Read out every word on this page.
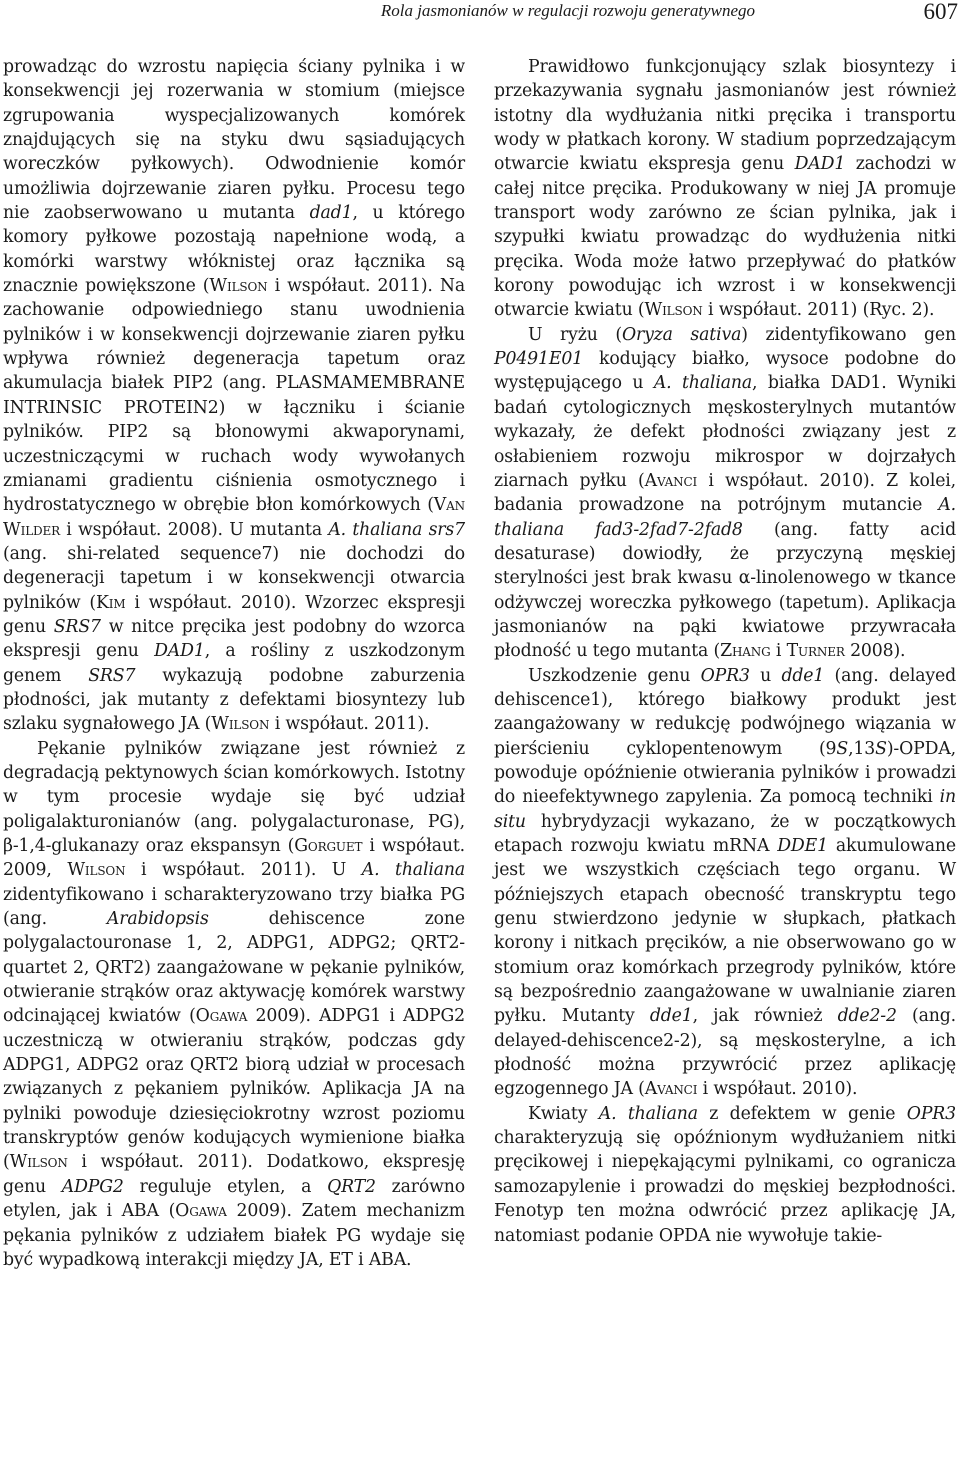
Rola jasmonianów w regulacji rozwoju generatywnego	607

prowadząc do wzrostu napięcia ściany pylnika i w konsekwencji jej rozerwania w stomium (miejsce zgrupowania wyspecjalizowanych komórek znajdujących się na styku dwu sąsiadujących woreczków pyłkowych). Odwodnienie komór umożliwia dojrzewanie ziaren pyłku. Procesu tego nie zaobserwowano u mutanta dad1, u którego komory pyłkowe pozostają napełnione wodą, a komórki warstwy włóknistej oraz łącznika są znacznie powiększone (Wilson i współaut. 2011). Na zachowanie odpowiedniego stanu uwodnienia pylników i w konsekwencji dojrzewanie ziaren pyłku wpływa również degeneracja tapetum oraz akumulacja białek PIP2 (ang. PLASMAMEMBRANE INTRINSIC PROTEIN2) w łączniku i ścianie pylników. PIP2 są błonowymi akwaporynami, uczestniczącymi w ruchach wody wywołanych zmianami gradientu ciśnienia osmotycznego i hydrostatycznego w obrębie błon komórkowych (Van Wilder i współaut. 2008). U mutanta A. thaliana srs7 (ang. shi-related sequence7) nie dochodzi do degeneracji tapetum i w konsekwencji otwarcia pylników (Kim i współaut. 2010). Wzorzec ekspresji genu SRS7 w nitce pręcika jest podobny do wzorca ekspresji genu DAD1, a rośliny z uszkodzonym genem SRS7 wykazują podobne zaburzenia płodności, jak mutanty z defektami biosyntezy lub szlaku sygnałowego JA (Wilson i współaut. 2011).

Pękanie pylników związane jest również z degradacją pektynowych ścian komórkowych. Istotny w tym procesie wydaje się być udział poligalakturonianów (ang. polygalacturonase, PG), β-1,4-glukanazy oraz ekspansyn (Gorguet i współaut. 2009, Wilson i współaut. 2011). U A. thaliana zidentyfikowano i scharakteryzowano trzy białka PG (ang. Arabidopsis dehiscence zone polygalactouronase 1, 2, ADPG1, ADPG2; QRT2-quartet 2, QRT2) zaangażowane w pękanie pylników, otwieranie strąków oraz aktywację komórek warstwy odcinającej kwiatów (Ogawa 2009). ADPG1 i ADPG2 uczestniczą w otwieraniu strąków, podczas gdy ADPG1, ADPG2 oraz QRT2 biorą udział w procesach związanych z pękaniem pylników. Aplikacja JA na pylniki powoduje dziesięciokrotny wzrost poziomu transkryptów genów kodujących wymienione białka (Wilson i współaut. 2011). Dodatkowo, ekspresję genu ADPG2 reguluje etylen, a QRT2 zarówno etylen, jak i ABA (Ogawa 2009). Zatem mechanizm pękania pylników z udziałem białek PG wydaje się być wypadkową interakcji między JA, ET i ABA.

Prawidłowo funkcjonujący szlak biosyntezy i przekazywania sygnału jasmonianów jest również istotny dla wydłużania nitki pręcika i transportu wody w płatkach korony. W stadium poprzedzającym otwarcie kwiatu ekspresja genu DAD1 zachodzi w całej nitce pręcika. Produkowany w niej JA promuje transport wody zarówno ze ścian pylnika, jak i szypułki kwiatu prowadząc do wydłużenia nitki pręcika. Woda może łatwo przepływać do płatków korony powodując ich wzrost i w konsekwencji otwarcie kwiatu (Wilson i współaut. 2011) (Ryc. 2).

U ryżu (Oryza sativa) zidentyfikowano gen P0491E01 kodujący białko, wysoce podobne do występującego u A. thaliana, białka DAD1. Wyniki badań cytologicznych męskosterylnych mutantów wykazały, że defekt płodności związany jest z osłabieniem rozwoju mikrospor w dojrzałych ziarnach pyłku (Avanci i współaut. 2010). Z kolei, badania prowadzone na potrójnym mutancie A. thaliana fad3-2fad7-2fad8 (ang. fatty acid desaturase) dowiodły, że przyczyną męskiej sterylności jest brak kwasu α-linolenowego w tkance odżywczej woreczka pyłkowego (tapetum). Aplikacja jasmonianów na pąki kwiatowe przywracała płodność u tego mutanta (Zhang i Turner 2008).

Uszkodzenie genu OPR3 u dde1 (ang. delayed dehiscence1), którego białkowy produkt jest zaangażowany w redukcję podwójnego wiązania w pierścieniu cyklopentenowym (9S,13S)-OPDA, powoduje opóźnienie otwierania pylników i prowadzi do nieefektywnego zapylenia. Za pomocą techniki in situ hybrydyzacji wykazano, że w początkowych etapach rozwoju kwiatu mRNA DDE1 akumulowane jest we wszystkich częściach tego organu. W późniejszych etapach obecność transkryptu tego genu stwierdzono jedynie w słupkach, płatkach korony i nitkach pręcików, a nie obserwowano go w stomium oraz komórkach przegrody pylników, które są bezpośrednio zaangażowane w uwalnianie ziaren pyłku. Mutanty dde1, jak również dde2-2 (ang. delayed-dehiscence2-2), są męskosterylne, a ich płodność można przywrócić przez aplikację egzogennego JA (Avanci i współaut. 2010).

Kwiaty A. thaliana z defektem w genie OPR3 charakteryzują się opóźnionym wydłużaniem nitki pręcikowej i niepękającymi pylnikami, co ogranicza samozapylenie i prowadzi do męskiej bezpłodności. Fenotyp ten można odwrócić przez aplikację JA, natomiast podanie OPDA nie wywołuje takie-
